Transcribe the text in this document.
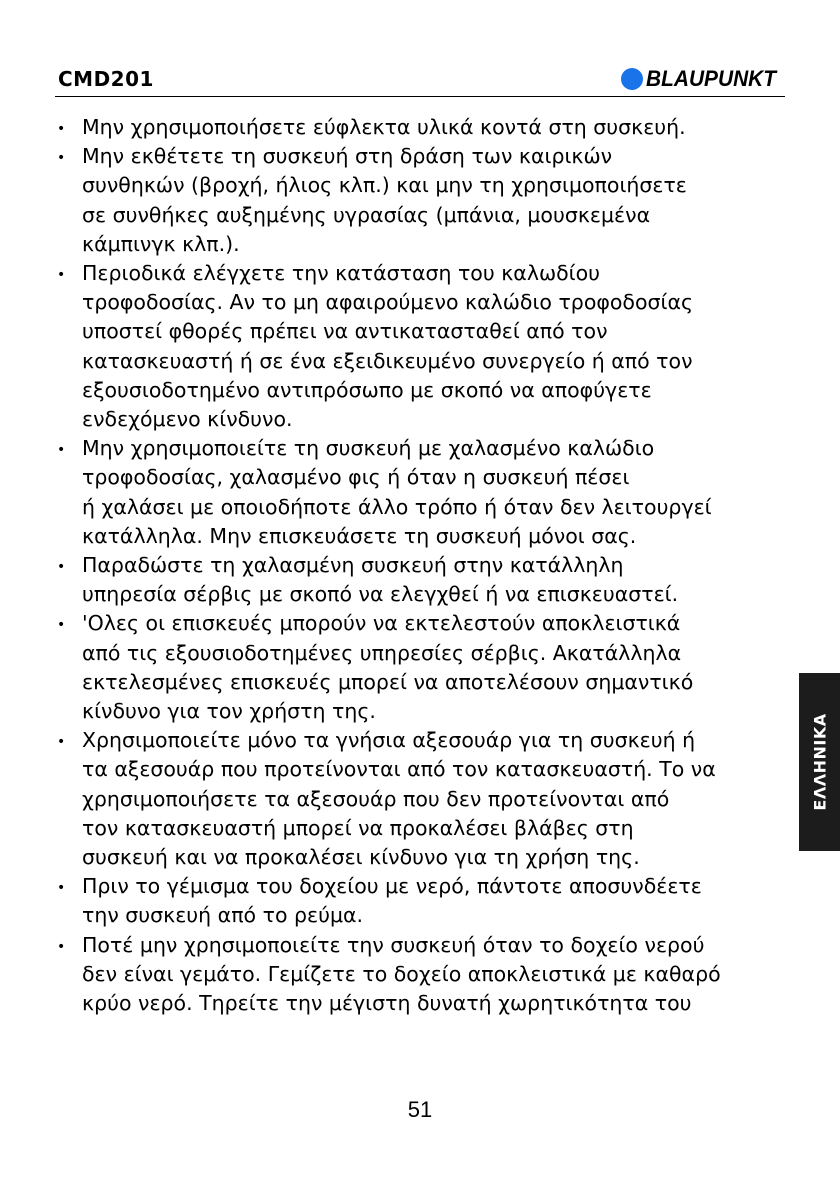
CMD201	BLAUPUNKT
• Μην χρησιμοποιήσετε εύφλεκτα υλικά κοντά στη συσκευή.
• Μην εκθέτετε τη συσκευή στη δράση των καιρικών
συνθηκών (βροχή, ήλιος κλπ.) και μην τη χρησιμοποιήσετε
σε συνθήκες αυξημένης υγρασίας (μπάνια, μουσκεμένα
κάμπινγκ κλπ.).
• Περιοδικά ελέγχετε την κατάσταση του καλωδίου
τροφοδοσίας. Αν το μη αφαιρούμενο καλώδιο τροφοδοσίας
υποστεί φθορές πρέπει να αντικατασταθεί από τον
κατασκευαστή ή σε ένα εξειδικευμένο συνεργείο ή από τον
εξουσιοδοτημένο αντιπρόσωπο με σκοπό να αποφύγετε
ενδεχόμενο κίνδυνο.
• Μην χρησιμοποιείτε τη συσκευή με χαλασμένο καλώδιο
τροφοδοσίας, χαλασμένο φις ή όταν η συσκευή πέσει
ή χαλάσει με οποιοδήποτε άλλο τρόπο ή όταν δεν λειτουργεί
κατάλληλα. Μην επισκευάσετε τη συσκευή μόνοι σας.
• Παραδώστε τη χαλασμένη συσκευή στην κατάλληλη
υπηρεσία σέρβις με σκοπό να ελεγχθεί ή να επισκευαστεί.
• 'Ολες οι επισκευές μπορούν να εκτελεστούν αποκλειστικά
από τις εξουσιοδοτημένες υπηρεσίες σέρβις. Ακατάλληλα
εκτελεσμένες επισκευές μπορεί να αποτελέσουν σημαντικό
κίνδυνο για τον χρήστη της.
• Χρησιμοποιείτε μόνο τα γνήσια αξεσουάρ για τη συσκευή ή
τα αξεσουάρ που προτείνονται από τον κατασκευαστή. Το να
χρησιμοποιήσετε τα αξεσουάρ που δεν προτείνονται από
τον κατασκευαστή μπορεί να προκαλέσει βλάβες στη
συσκευή και να προκαλέσει κίνδυνο για τη χρήση της.
• Πριν το γέμισμα του δοχείου με νερό, πάντοτε αποσυνδέετε
την συσκευή από το ρεύμα.
• Ποτέ μην χρησιμοποιείτε την συσκευή όταν το δοχείο νερού
δεν είναι γεμάτο. Γεμίζετε το δοχείο αποκλειστικά με καθαρό
κρύο νερό. Τηρείτε την μέγιστη δυνατή χωρητικότητα του
51
ΕΛΛΗΝΙΚΑ
